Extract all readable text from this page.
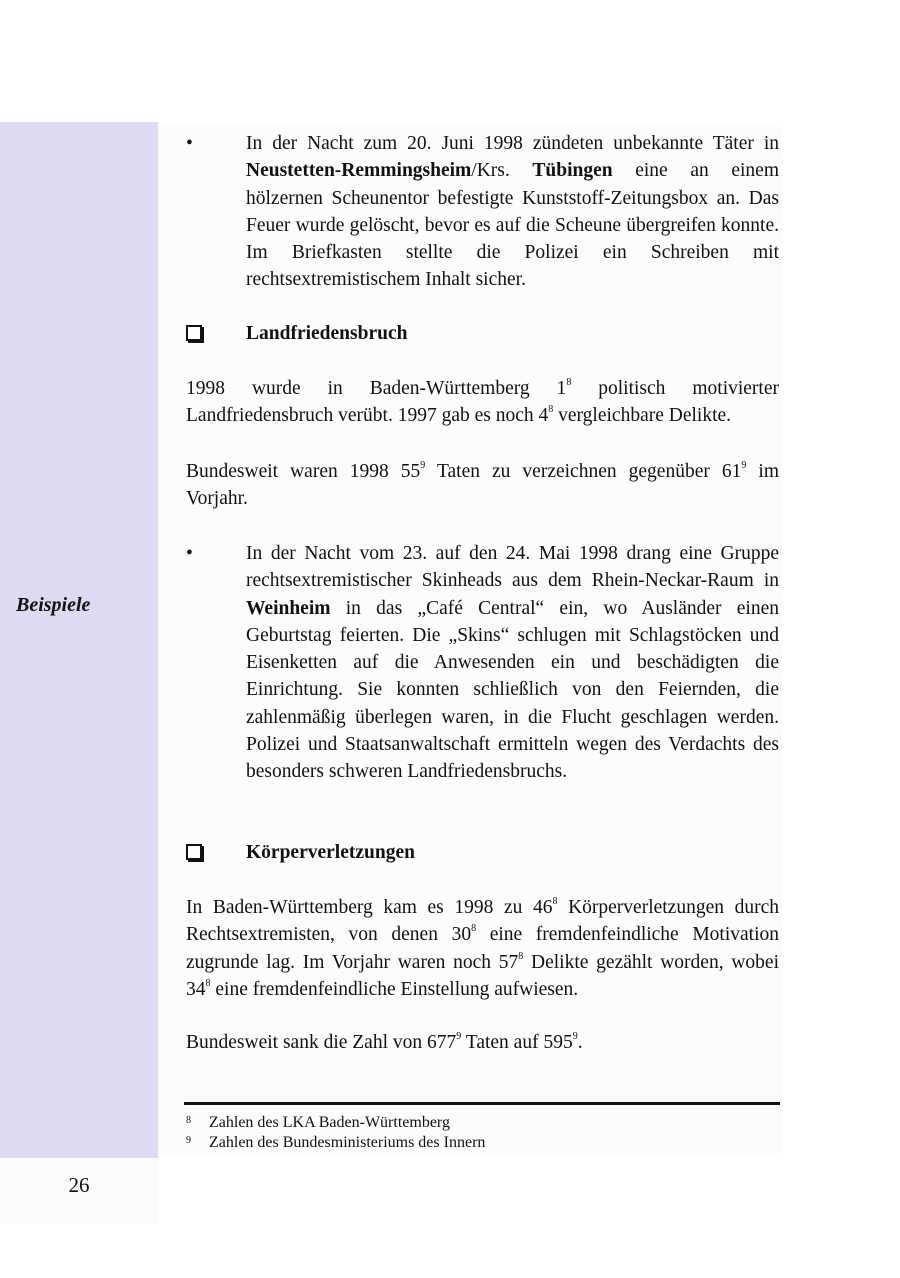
Beispiele
26
•	In der Nacht zum 20. Juni 1998 zündeten unbekannte Täter in Neustetten-Remmingsheim/Krs. Tübingen eine an einem hölzernen Scheunentor befestigte Kunststoff-Zeitungsbox an. Das Feuer wurde gelöscht, bevor es auf die Scheune übergreifen konnte. Im Briefkasten stellte die Polizei ein Schreiben mit rechtsextremistischem Inhalt sicher.
Landfriedensbruch

1998 wurde in Baden-Württemberg $1^8$ politisch motivierter Landfriedensbruch verübt. 1997 gab es noch $4^8$ vergleichbare Delikte.

Bundesweit waren 1998 $55^9$ Taten zu verzeichnen gegenüber $61^9$ im Vorjahr.

•	In der Nacht vom 23. auf den 24. Mai 1998 drang eine Gruppe rechtsextremistischer Skinheads aus dem Rhein-Neckar-Raum in Weinheim in das „Café Central“ ein, wo Ausländer einen Geburtstag feierten. Die „Skins“ schlugen mit Schlagstöcken und Eisenketten auf die Anwesenden ein und beschädigten die Einrichtung. Sie konnten schließlich von den Feiernden, die zahlenmäßig überlegen waren, in die Flucht geschlagen werden. Polizei und Staatsanwaltschaft ermitteln wegen des Verdachts des besonders schweren Landfriedensbruchs.
Körperverletzungen

In Baden-Württemberg kam es 1998 zu $46^8$ Körperverletzungen durch Rechtsextremisten, von denen $30^8$ eine fremdenfeindliche Motivation zugrunde lag. Im Vorjahr waren noch $57^8$ Delikte gezählt worden, wobei $34^8$ eine fremdenfeindliche Einstellung aufwiesen.

Bundesweit sank die Zahl von $677^9$ Taten auf $595^9$.

8 Zahlen des LKA Baden-Württemberg
9 Zahlen des Bundesministeriums des Innern
